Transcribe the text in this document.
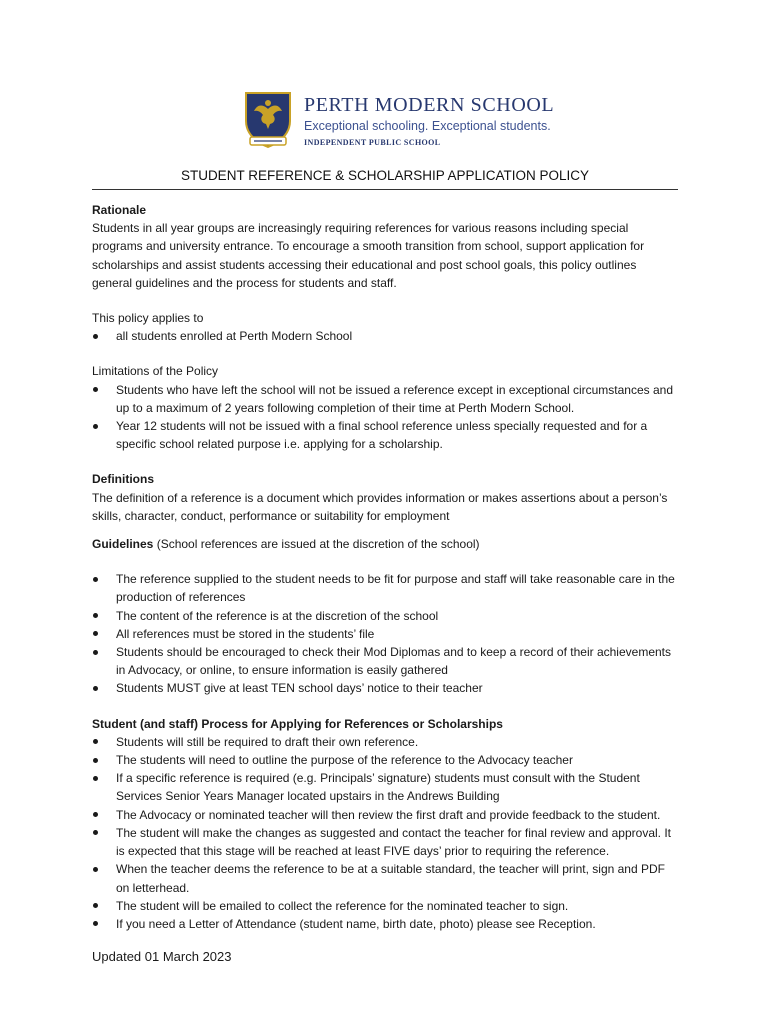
PERTH MODERN SCHOOL
Exceptional schooling. Exceptional students.
INDEPENDENT PUBLIC SCHOOL
STUDENT REFERENCE & SCHOLARSHIP APPLICATION POLICY

Rationale

Students in all year groups are increasingly requiring references for various reasons including special programs and university entrance. To encourage a smooth transition from school, support application for scholarships and assist students accessing their educational and post school goals, this policy outlines general guidelines and the process for students and staff.

This policy applies to

all students enrolled at Perth Modern School

Limitations of the Policy

Students who have left the school will not be issued a reference except in exceptional circumstances and up to a maximum of 2 years following completion of their time at Perth Modern School.
Year 12 students will not be issued with a final school reference unless specially requested and for a specific school related purpose i.e. applying for a scholarship.

Definitions

The definition of a reference is a document which provides information or makes assertions about a person’s skills, character, conduct, performance or suitability for employment

Guidelines (School references are issued at the discretion of the school)

The reference supplied to the student needs to be fit for purpose and staff will take reasonable care in the production of references
The content of the reference is at the discretion of the school
All references must be stored in the students’ file
Students should be encouraged to check their Mod Diplomas and to keep a record of their achievements in Advocacy, or online, to ensure information is easily gathered
Students MUST give at least TEN school days’ notice to their teacher

Student (and staff) Process for Applying for References or Scholarships

Students will still be required to draft their own reference.
The students will need to outline the purpose of the reference to the Advocacy teacher
If a specific reference is required (e.g. Principals’ signature) students must consult with the Student Services Senior Years Manager located upstairs in the Andrews Building
The Advocacy or nominated teacher will then review the first draft and provide feedback to the student.
The student will make the changes as suggested and contact the teacher for final review and approval. It is expected that this stage will be reached at least FIVE days’ prior to requiring the reference.
When the teacher deems the reference to be at a suitable standard, the teacher will print, sign and PDF on letterhead.
The student will be emailed to collect the reference for the nominated teacher to sign.
If you need a Letter of Attendance (student name, birth date, photo) please see Reception.
Updated 01 March 2023
